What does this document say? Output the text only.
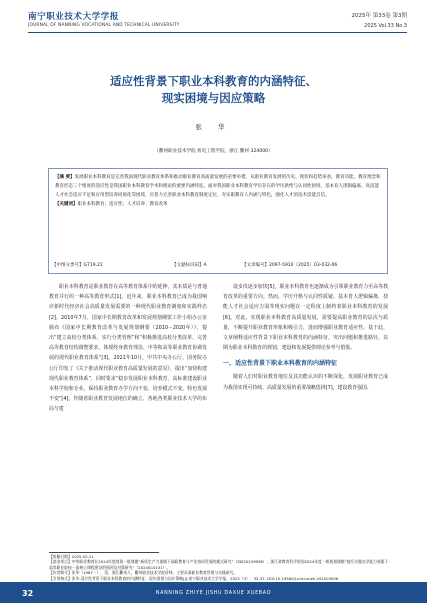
南宁职业技术大学学报
JOURNAL OF NANNING VOCATIONAL AND TECHNICAL UNIVERSITY
2025年 第33卷 第3期
2025 Vol.33 No.3
适应性背景下职业本科教育的内涵特征、
现实困境与因应策略
张 华
（衢州职业技术学院 机电工程学院，浙江 衢州 324000）

【摘 要】发展职业本科教育是完善我国现代职业教育体系和推动职业教育高质量发展的必要举措。从职业教育发展的历史、现状和趋势来看，教育功能、教育理念和教育形态三个维度的适应性是我国职业本科教育学术和理论的重要内涵特征。面对我国职业本科教育学历存在的学历供给与认同性困境、基本育人逻辑偏离、高技能人才社会适应不足和应用型培养同质化等困境，应着力完善职业本科教育制度定位，夯实职教育人内涵与特色，强化人才的技术技能自信。

【关键词】职业本科教育；适应性；人才培养；教育改革

【中图分类号】G719.21	【文献标识码】A	【文章编号】2097-5910（2025）03-032-06

职业本科教育是职业教育在高等教育体系中的延伸，其本质是与普通教育并行的一种高等教育形式[1]。近年来，职业本科教育已成为我国响应新时代经济社会高质量发展需要的一种现代职业教育制度和实践样态[2]。2010年7月，国家中长期教育改革和发展规划纲要工作小组办公室颁布《国家中长期教育改革与发展规划纲要（2010－2020年）》，提出“建立高校分类体系，实行分类管理”和“积极推进高校分类改革，完善高等教育结构调整要求、体现终身教育理念、中等和高等职业教育协调发展的现代职业教育体系”[3]。2021年10月，中共中央办公厅、国务院办公厅印发了《关于推动现代职业教育高质量发展的意见》，提出“加快构建现代职业教育体系”，同时要求“稳步发展职业本科教育，高标准建设职业本科学校和专业，保持职业教育办学方向不变、培养模式不变、特色发展不变”[4]。作随着职业教育发展地位的确立，各地各类职业技术大学的布局与建

设步伐逐步加快[5]，职业本科教育也逐渐成为引领职业教育力至高等教育改革的重要方向。然而，学历升格与认同性质疑、基本育人逻辑偏离，技能人才社会适应力弱等现实问题在一定程度上制约着职业本科教育的发展[6]。对此，实现职业本科教育高质量发展，需要提高职业教育的层次与质量，不断提升职业教育形象和吸引力，进而增强职业教育适应性。基于此，文章阐释适应性背景下职业本科教育的内涵特征，突出问题和推进路径，以期为职业本科教育的规划、建设和发展提供理论参考与借鉴。

一、适应性背景下职业本科教育的内涵特征

随着人们对职业教育地位及其功能认识的不断深化，发展职业教育已成为我国实现可持续、高质量发展的重要战略选择[7]。建设教育强国、

【收稿日期】2025-02-21

【基金项目】中华职业教育社2024年度规划一般课题“新质生产力视域下高职教育与产业协同发展的模式研究”（ZJS2024YB36）；浙江省教育科学规划2024年度一般规划课题“提升关键办学能力要素下高等职业院校一流核心课程建设的瓶颈及对策研究”（2024SC0151）。

【作者简介】张华（1987－），男，浙江衢州人，衢州职业技术学院讲师，主要从事职业教育管理与实践研究。

【引用格式】张华.适应性背景下职业本科教育的内涵特征、现实困境与因应策略[J].南宁职业技术大学学报，2025（3）：32-37. DOI:10.19580/j.cnki.nnzh.202503006

32	NANNING ZHIYE JISHU DAXUE XUEBAO
